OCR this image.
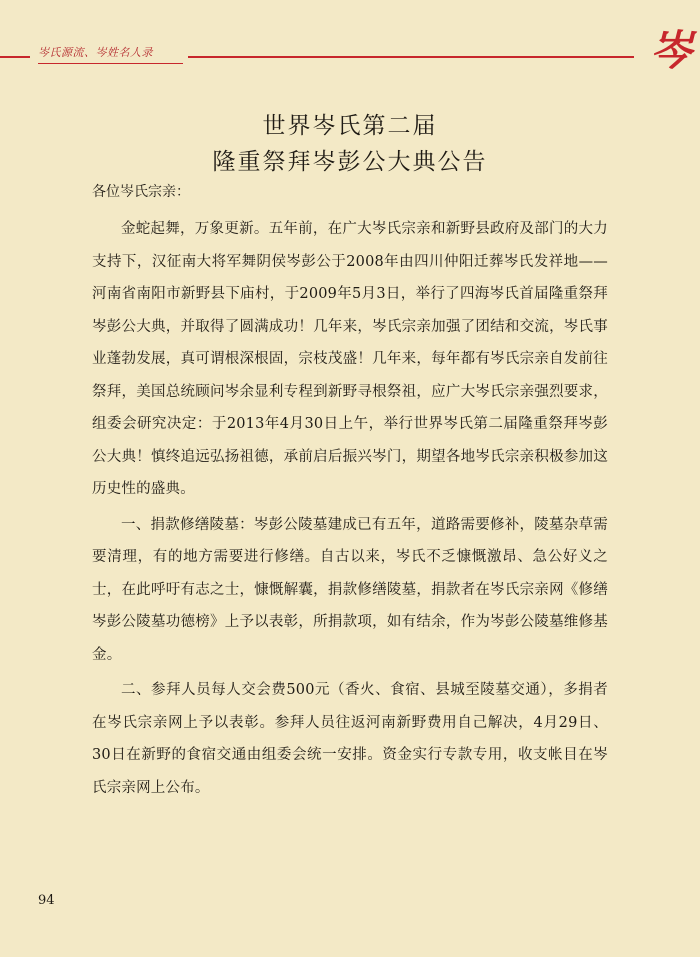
岑氏源流、岑姓名人录	岑
世界岑氏第二届
隆重祭拜岑彭公大典公告
各位岑氏宗亲：

金蛇起舞，万象更新。五年前，在广大岑氏宗亲和新野县政府及部门的大力支持下，汉征南大将军舞阴侯岑彭公于2008年由四川仲阳迁葬岑氏发祥地——河南省南阳市新野县下庙村，于2009年5月3日，举行了四海岑氏首届隆重祭拜岑彭公大典，并取得了圆满成功！几年来，岑氏宗亲加强了团结和交流，岑氏事业蓬勃发展，真可谓根深根固，宗枝茂盛！几年来，每年都有岑氏宗亲自发前往祭拜，美国总统顾问岑余显利专程到新野寻根祭祖，应广大岑氏宗亲强烈要求，组委会研究决定：于2013年4月30日上午，举行世界岑氏第二届隆重祭拜岑彭公大典！慎终追远弘扬祖德，承前启后振兴岑门，期望各地岑氏宗亲积极参加这历史性的盛典。

一、捐款修缮陵墓：岑彭公陵墓建成已有五年，道路需要修补，陵墓杂草需要清理，有的地方需要进行修缮。自古以来，岑氏不乏慷慨激昂、急公好义之士，在此呼吁有志之士，慷慨解囊，捐款修缮陵墓，捐款者在岑氏宗亲网《修缮岑彭公陵墓功德榜》上予以表彰，所捐款项，如有结余，作为岑彭公陵墓维修基金。

二、参拜人员每人交会费500元（香火、食宿、县城至陵墓交通），多捐者在岑氏宗亲网上予以表彰。参拜人员往返河南新野费用自己解决，4月29日、30日在新野的食宿交通由组委会统一安排。资金实行专款专用，收支帐目在岑氏宗亲网上公布。

94
